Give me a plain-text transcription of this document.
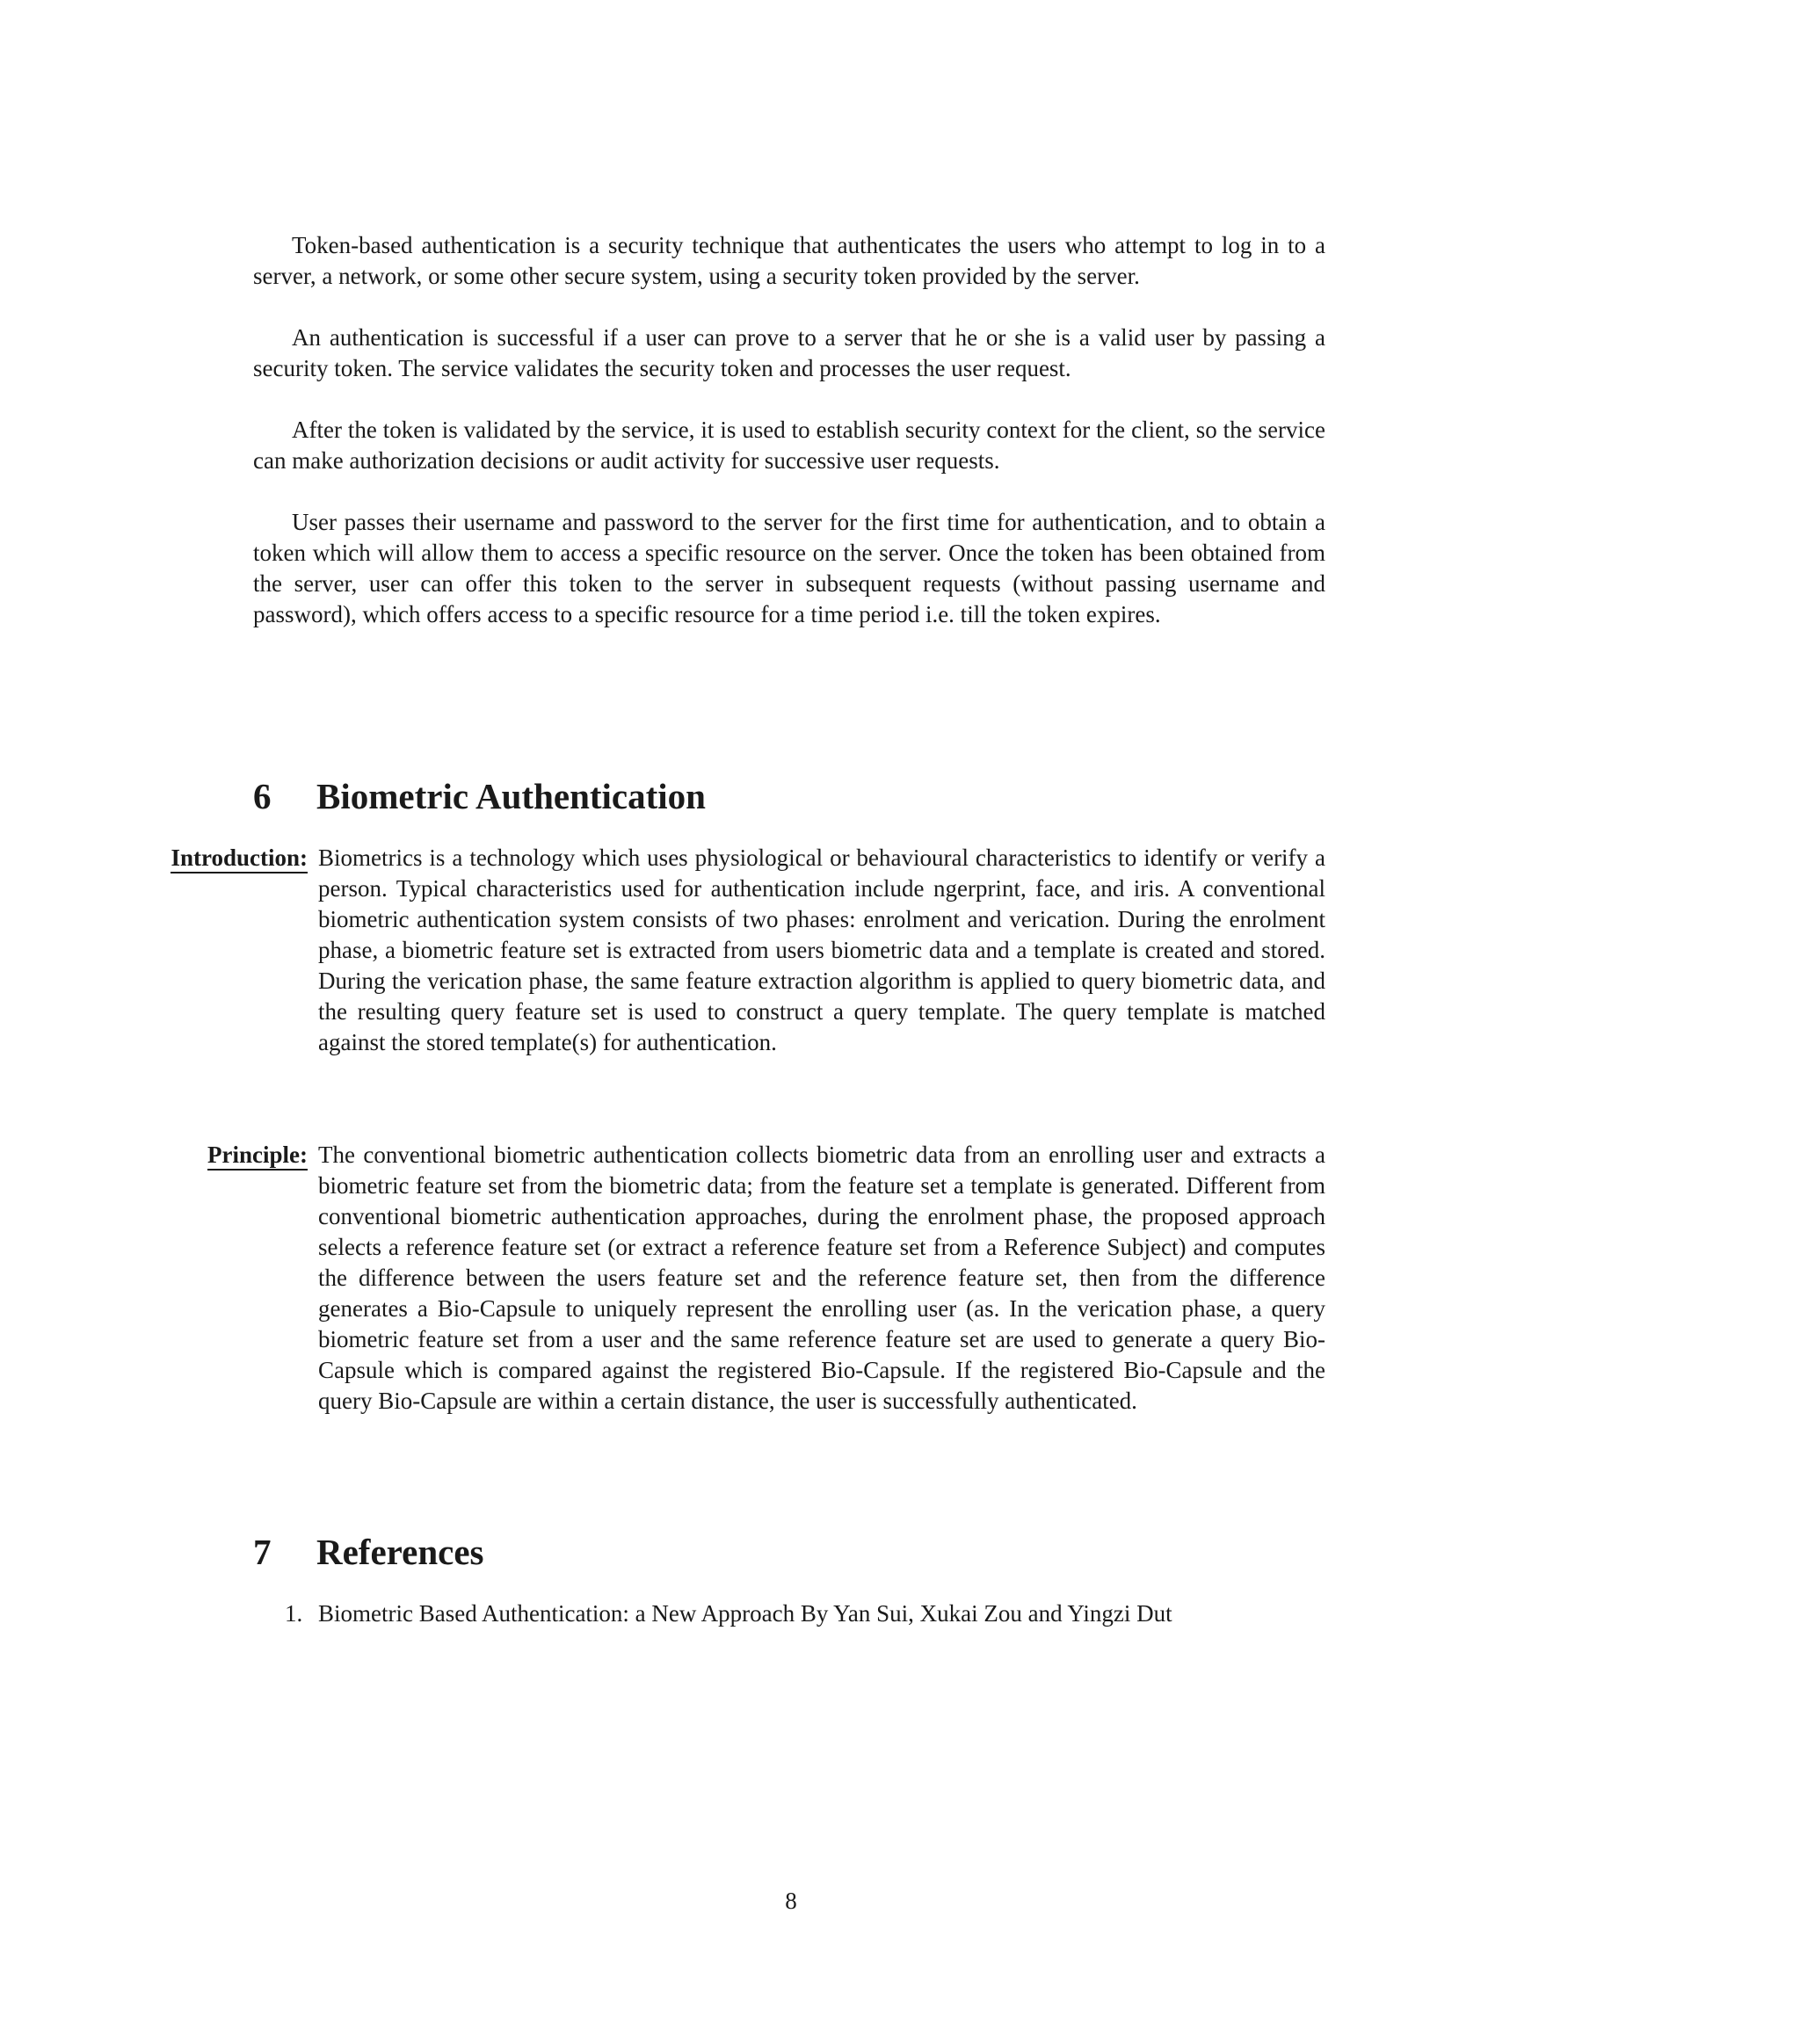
Token-based authentication is a security technique that authenticates the users who attempt to log in to a server, a network, or some other secure system, using a security token provided by the server.

An authentication is successful if a user can prove to a server that he or she is a valid user by passing a security token. The service validates the security token and processes the user request.

After the token is validated by the service, it is used to establish security context for the client, so the service can make authorization decisions or audit activity for successive user requests.

User passes their username and password to the server for the first time for authentication, and to obtain a token which will allow them to access a specific resource on the server. Once the token has been obtained from the server, user can offer this token to the server in subsequent requests (without passing username and password), which offers access to a specific resource for a time period i.e. till the token expires.

6 Biometric Authentication
Introduction: Biometrics is a technology which uses physiological or behavioural characteristics to identify or verify a person. Typical characteristics used for authentication include ngerprint, face, and iris. A conventional biometric authentication system consists of two phases: enrolment and verication. During the enrolment phase, a biometric feature set is extracted from users biometric data and a template is created and stored. During the verication phase, the same feature extraction algorithm is applied to query biometric data, and the resulting query feature set is used to construct a query template. The query template is matched against the stored template(s) for authentication.
Principle: The conventional biometric authentication collects biometric data from an enrolling user and extracts a biometric feature set from the biometric data; from the feature set a template is generated. Different from conventional biometric authentication approaches, during the enrolment phase, the proposed approach selects a reference feature set (or extract a reference feature set from a Reference Subject) and computes the difference between the users feature set and the reference feature set, then from the difference generates a Bio-Capsule to uniquely represent the enrolling user (as. In the verication phase, a query biometric feature set from a user and the same reference feature set are used to generate a query Bio-Capsule which is compared against the registered Bio-Capsule. If the registered Bio-Capsule and the query Bio-Capsule are within a certain distance, the user is successfully authenticated.
7 References
1. Biometric Based Authentication: a New Approach By Yan Sui, Xukai Zou and Yingzi Dut
8
